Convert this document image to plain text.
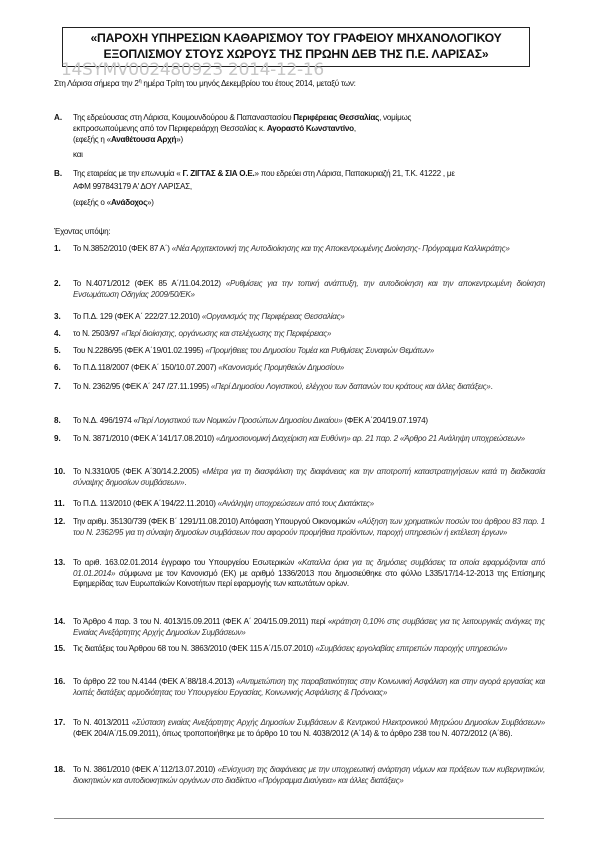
«ΠΑΡΟΧΗ ΥΠΗΡΕΣΙΩΝ ΚΑΘΑΡΙΣΜΟΥ ΤΟΥ ΓΡΑΦΕΙΟΥ ΜΗΧΑΝΟΛΟΓΙΚΟΥ
ΕΞΟΠΛΙΣΜΟΥ ΣΤΟΥΣ ΧΩΡΟΥΣ ΤΗΣ ΠΡΩΗΝ ΔΕΒ ΤΗΣ Π.Ε. ΛΑΡΙΣΑΣ»
14SYMV002480923 2014-12-16
Στη Λάρισα σήμερα την $2^\eta$ ημέρα Τρίτη του μηνός Δεκεμβρίου του έτους 2014, μεταξύ των:
Α. Της εδρεύουσας στη Λάρισα, Κουμουνδούρου & Παπαναστασίου Περιφέρειας Θεσσαλίας, νομίμως
εκπροσωπούμενης από τον Περιφερειάρχη Θεσσαλίας κ. Αγοραστό Κωνσταντίνο,
(εφεξής η «Αναθέτουσα Αρχή»)
και
Β. Της εταιρείας με την επωνυμία « Γ. ΖΙΓΓΑΣ & ΣΙΑ Ο.Ε.» που εδρεύει στη Λάρισα, Παπακυριαζή 21, Τ.Κ. 41222 , με
ΑΦΜ 997843179 Α' ΔΟΥ ΛΑΡΙΣΑΣ,
(εφεξής ο «Ανάδοχος»)
Έχοντας υπόψη:
1. Το Ν.3852/2010 (ΦΕΚ 87 Α΄) «Νέα Αρχιτεκτονική της Αυτοδιοίκησης και της Αποκεντρωμένης Διοίκησης- Πρόγραμμα Καλλικράτης»
2. Το Ν.4071/2012 (ΦΕΚ 85 Α΄/11.04.2012) «Ρυθμίσεις για την τοπική ανάπτυξη, την αυτοδιοίκηση και την αποκεντρωμένη διοίκηση Ενσωμάτωση Οδηγίας 2009/50/ΕΚ»
3. Το Π.Δ. 129 (ΦΕΚ Α΄ 222/27.12.2010) «Οργανισμός της Περιφέρειας Θεσσαλίας»
4. το Ν. 2503/97 «Περί διοίκησης, οργάνωσης και στελέχωσης της Περιφέρειας»
5. Του Ν.2286/95 (ΦΕΚ Α΄19/01.02.1995) «Προμήθειες του Δημοσίου Τομέα και Ρυθμίσεις Συναφών Θεμάτων»
6. Το Π.Δ.118/2007 (ΦΕΚ Α΄ 150/10.07.2007) «Κανονισμός Προμηθειών Δημοσίου»
7. Το Ν. 2362/95 (ΦΕΚ Α΄ 247 /27.11.1995) «Περί Δημοσίου Λογιστικού, ελέγχου των δαπανών του κράτους και άλλες διατάξεις».
8. Το Ν.Δ. 496/1974 «Περί Λογιστικού των Νομικών Προσώπων Δημοσίου Δικαίου» (ΦΕΚ Α΄204/19.07.1974)
9. Το Ν. 3871/2010 (ΦΕΚ Α΄141/17.08.2010) «Δημοσιονομική Διαχείριση και Ευθύνη» αρ. 21 παρ. 2 «Άρθρο 21 Ανάληψη υποχρεώσεων»
10. Το Ν.3310/05 (ΦΕΚ Α΄30/14.2.2005) «Μέτρα για τη διασφάλιση της διαφάνειας και την αποτροπή καταστρατηγήσεων κατά τη διαδικασία σύναψης δημοσίων συμβάσεων».
11. Το Π.Δ. 113/2010 (ΦΕΚ Α΄194/22.11.2010) «Ανάληψη υποχρεώσεων από τους Διατάκτες»
12. Την αριθμ. 35130/739 (ΦΕΚ Β΄ 1291/11.08.2010) Απόφαση Υπουργού Οικονομικών «Αύξηση των χρηματικών ποσών του άρθρου 83 παρ. 1 του Ν. 2362/95 για τη σύναψη δημοσίων συμβάσεων που αφορούν προμήθεια προϊόντων, παροχή υπηρεσιών ή εκτέλεση έργων»
13. Το αριθ. 163.02.01.2014 έγγραφο του Υπουργείου Εσωτερικών «Καταλλα όρια για τις δημόσιες συμβάσεις τα οποία εφαρμόζονται από 01.01.2014» σύμφωνα με τον Κανονισμό (ΕΚ) με αριθμό 1336/2013 που δημοσιεύθηκε στο φύλλο L335/17/14-12-2013 της Επίσημης Εφημερίδας των Ευρωπαϊκών Κοινοτήτων περί εφαρμογής των κατωτάτων ορίων.
14. Το Άρθρο 4 παρ. 3 του Ν. 4013/15.09.2011 (ΦΕΚ Α΄ 204/15.09.2011) περί «κράτηση 0,10% στις συμβάσεις για τις λειτουργικές ανάγκες της Ενιαίας Ανεξάρτητης Αρχής Δημοσίων Συμβάσεων»
15. Τις διατάξεις του Άρθρου 68 του Ν. 3863/2010 (ΦΕΚ 115 Α΄/15.07.2010) «Συμβάσεις εργολαβίας επιτρεπών παροχής υπηρεσιών»
16. Το άρθρο 22 του Ν.4144 (ΦΕΚ Α΄88/18.4.2013) «Αντιμετώπιση της παραβατικότητας στην Κοινωνική Ασφάλιση και στην αγορά εργασίας και λοιπές διατάξεις αρμοδιότητας του Υπουργείου Εργασίας, Κοινωνικής Ασφάλισης & Πρόνοιας»
17. Το Ν. 4013/2011 «Σύσταση ενιαίας Ανεξάρτητης Αρχής Δημοσίων Συμβάσεων & Κεντρικού Ηλεκτρονικού Μητρώου Δημοσίων Συμβάσεων» (ΦΕΚ 204/Α΄/15.09.2011), όπως τροποποιήθηκε με το άρθρο 10 του Ν. 4038/2012 (Α΄14) & το άρθρο 238 του Ν. 4072/2012 (Α΄86).
18. Το Ν. 3861/2010 (ΦΕΚ Α΄112/13.07.2010) «Ενίσχυση της διαφάνειας με την υποχρεωτική ανάρτηση νόμων και πράξεων των κυβερνητικών, διοικητικών και αυτοδιοικητικών οργάνων στο διαδίκτυο «Πρόγραμμα Διαύγεια» και άλλες διατάξεις»
